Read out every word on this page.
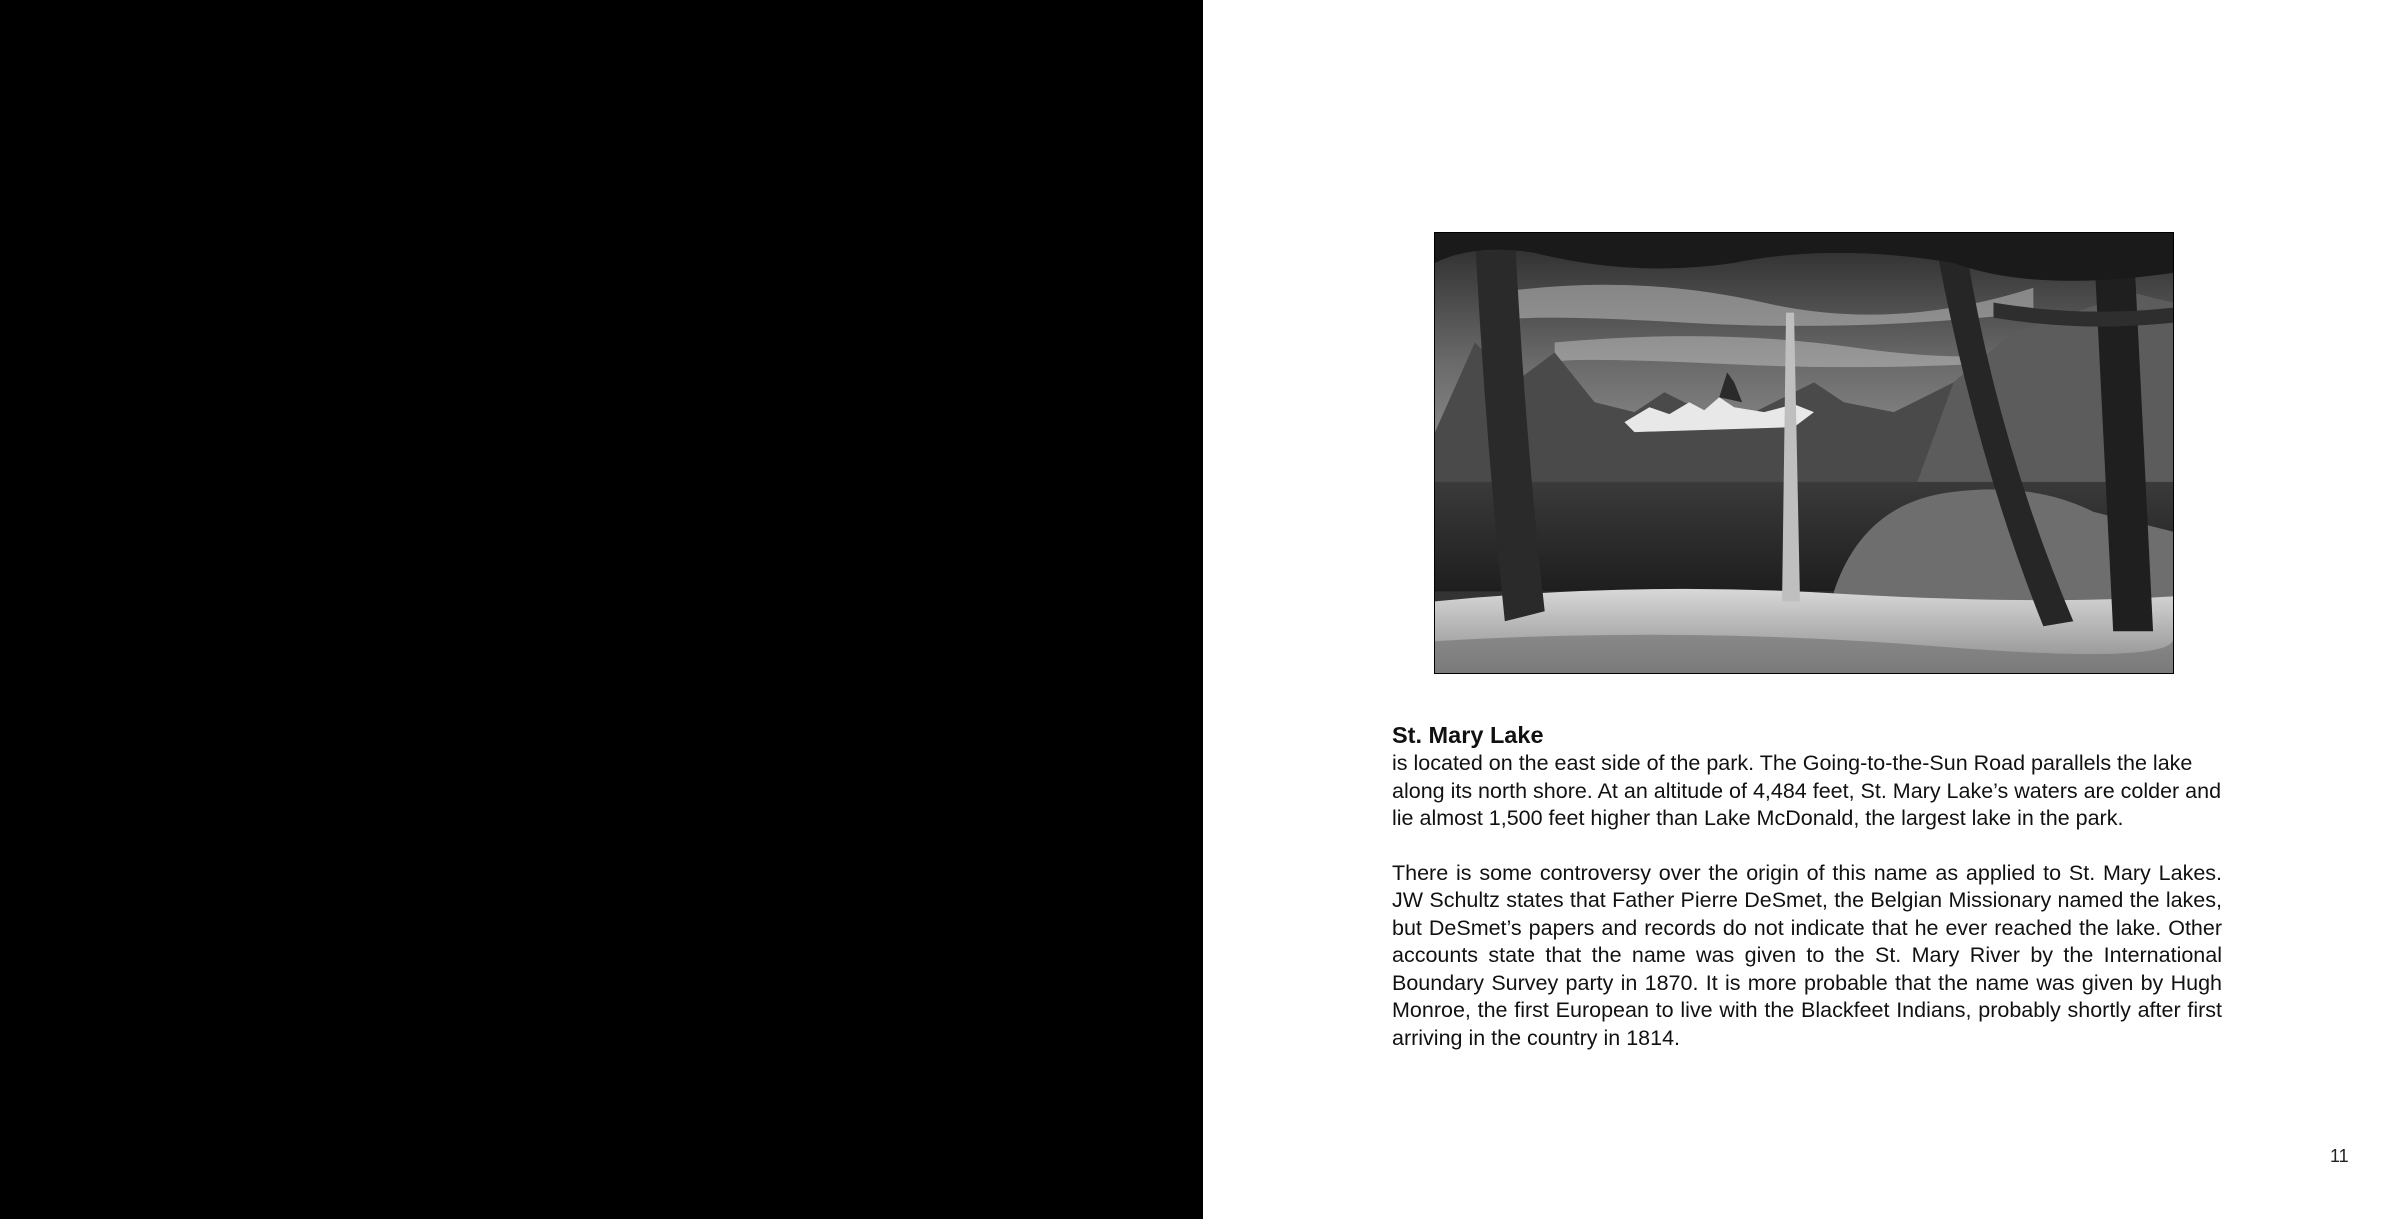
St. Mary Lake

is located on the east side of the park. The Going-to-the-Sun Road parallels the lake along its north shore. At an altitude of 4,484 feet, St. Mary Lake’s waters are colder and lie almost 1,500 feet higher than Lake McDonald, the largest lake in the park.

There is some controversy over the origin of this name as applied to St. Mary Lakes. JW Schultz states that Father Pierre DeSmet, the Belgian Missionary named the lakes, but DeSmet’s papers and records do not indicate that he ever reached the lake. Other accounts state that the name was given to the St. Mary River by the International Boundary Survey party in 1870. It is more probable that the name was given by Hugh Monroe, the first European to live with the Blackfeet Indians, probably shortly after first arriving in the country in 1814.

11
